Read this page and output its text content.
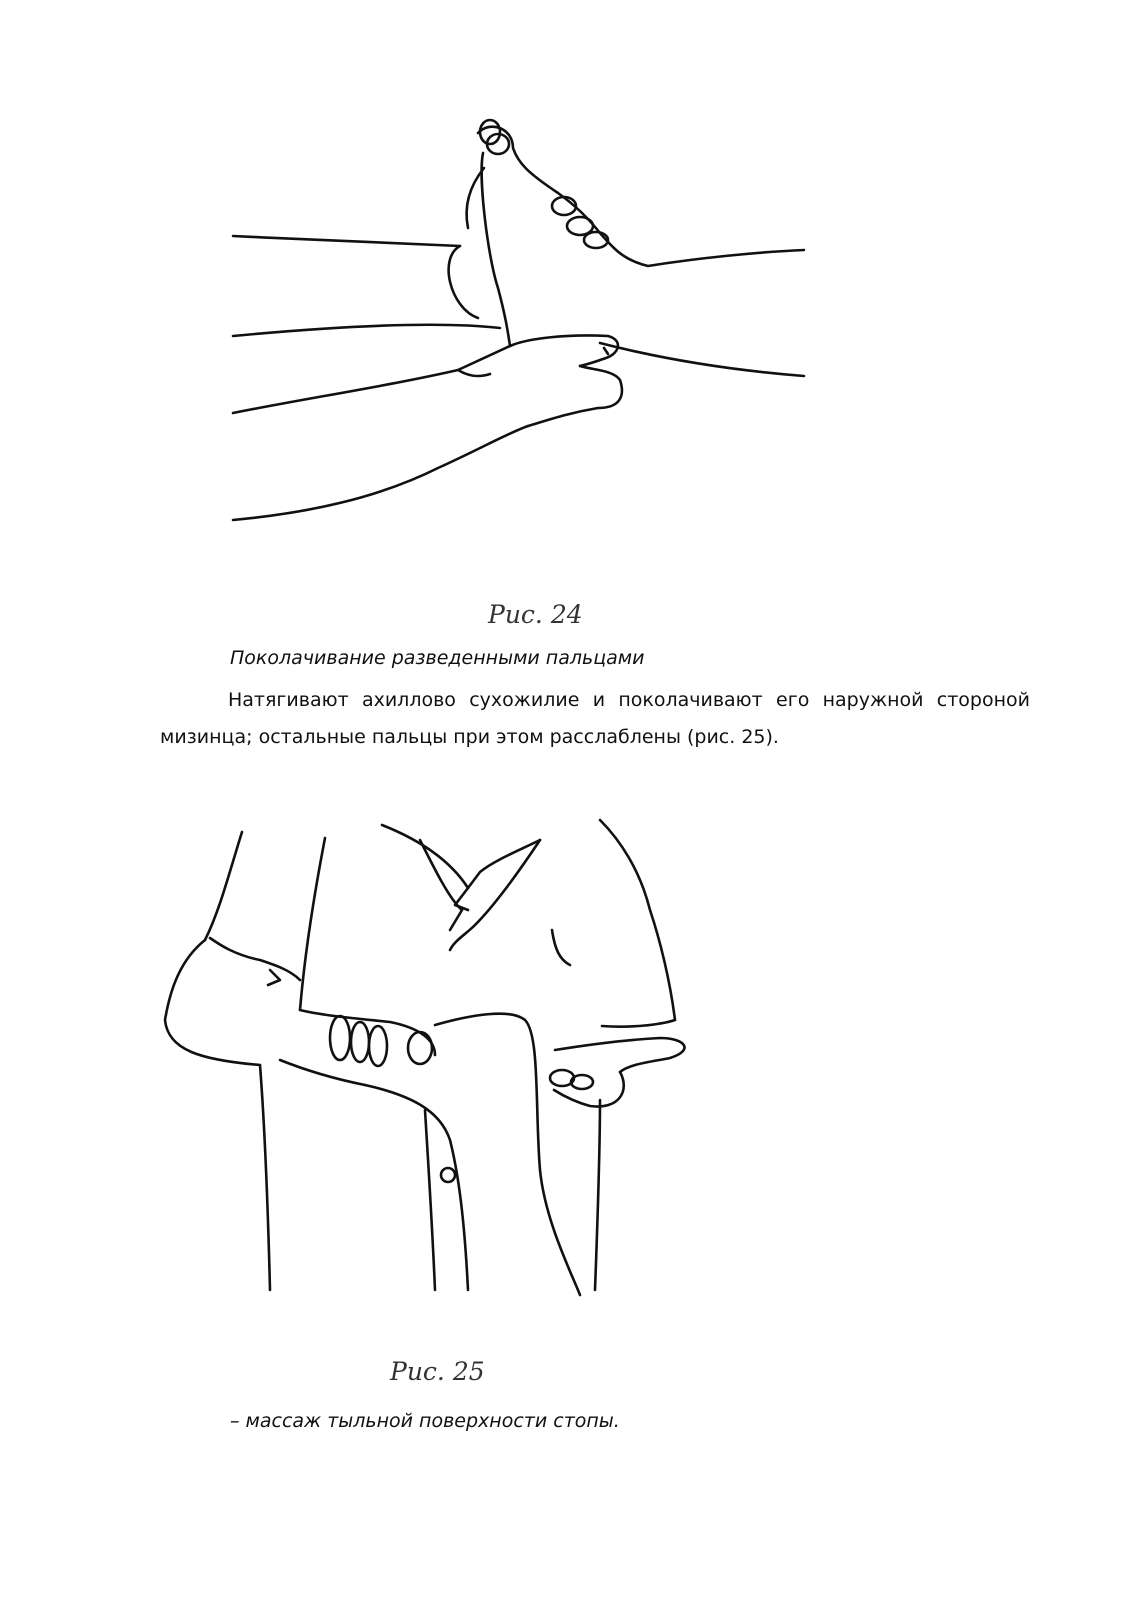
Рис. 24
Поколачивание разведенными пальцами
Натягивают ахиллово сухожилие и поколачивают его наружной стороной мизинца; остальные пальцы при этом расслаблены (рис. 25).
Рис. 25
– массаж тыльной поверхности стопы.
